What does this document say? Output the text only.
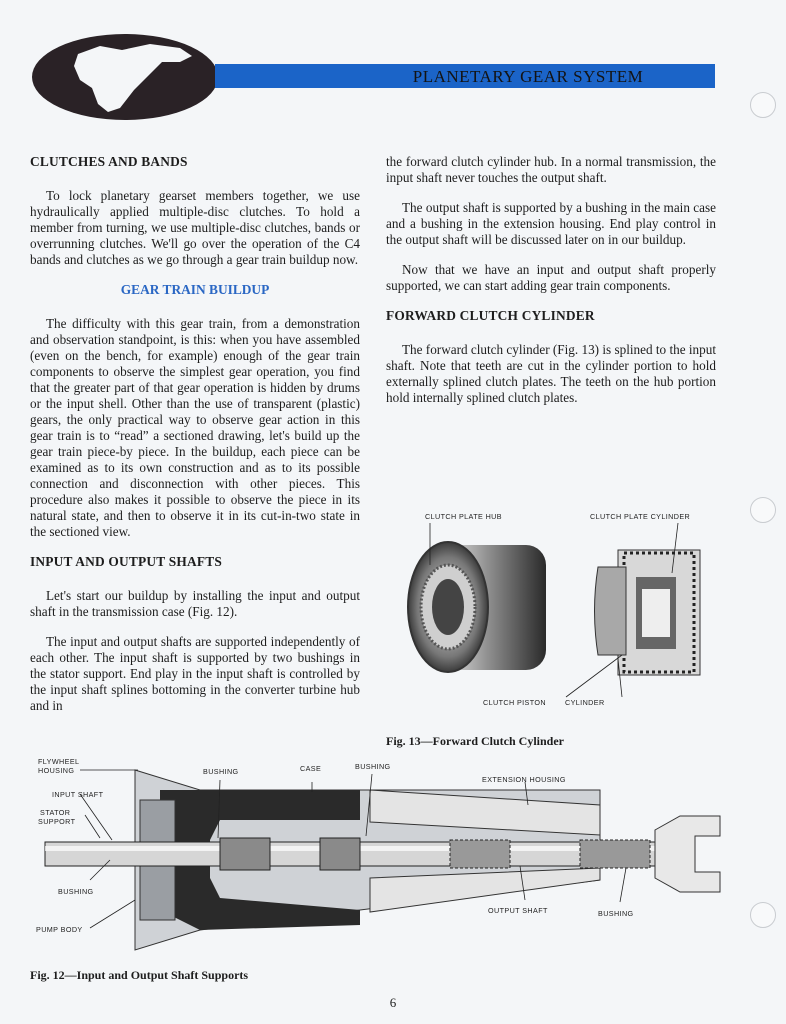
PLANETARY GEAR SYSTEM
CLUTCHES AND BANDS

To lock planetary gearset members together, we use hydraulically applied multiple-disc clutches. To hold a member from turning, we use multiple-disc clutches, bands or overrunning clutches. We'll go over the operation of the C4 bands and clutches as we go through a gear train buildup now.

GEAR TRAIN BUILDUP

The difficulty with this gear train, from a demonstration and observation standpoint, is this: when you have assembled (even on the bench, for example) enough of the gear train components to observe the simplest gear operation, you find that the greater part of that gear operation is hidden by drums or the input shell. Other than the use of transparent (plastic) gears, the only practical way to observe gear action in this gear train is to “read” a sectioned drawing, let's build up the gear train piece-by piece. In the buildup, each piece can be examined as to its own construction and as to its possible connection and disconnection with other pieces. This procedure also makes it possible to observe the piece in its natural state, and then to observe it in its cut-in-two state in the sectioned view.

INPUT AND OUTPUT SHAFTS

Let's start our buildup by installing the input and output shaft in the transmission case (Fig. 12).

The input and output shafts are supported independently of each other. The input shaft is supported by two bushings in the stator support. End play in the input shaft is controlled by the input shaft splines bottoming in the converter turbine hub and in

the forward clutch cylinder hub. In a normal transmission, the input shaft never touches the output shaft.

The output shaft is supported by a bushing in the main case and a bushing in the extension housing. End play control in the output shaft will be discussed later on in our buildup.

Now that we have an input and output shaft properly supported, we can start adding gear train components.

FORWARD CLUTCH CYLINDER

The forward clutch cylinder (Fig. 13) is splined to the input shaft. Note that teeth are cut in the cylinder portion to hold externally splined clutch plates. The teeth on the hub portion hold internally splined clutch plates.

CLUTCH PLATE HUB	CLUTCH PLATE CYLINDER
CLUTCH PISTON	CYLINDER
Fig. 13—Forward Clutch Cylinder
FLYWHEEL
HOUSING
INPUT SHAFT
STATOR
SUPPORT
BUSHING
PUMP BODY
BUSHING	CASE	BUSHING
EXTENSION HOUSING
OUTPUT SHAFT	BUSHING
Fig. 12—Input and Output Shaft Supports
6
